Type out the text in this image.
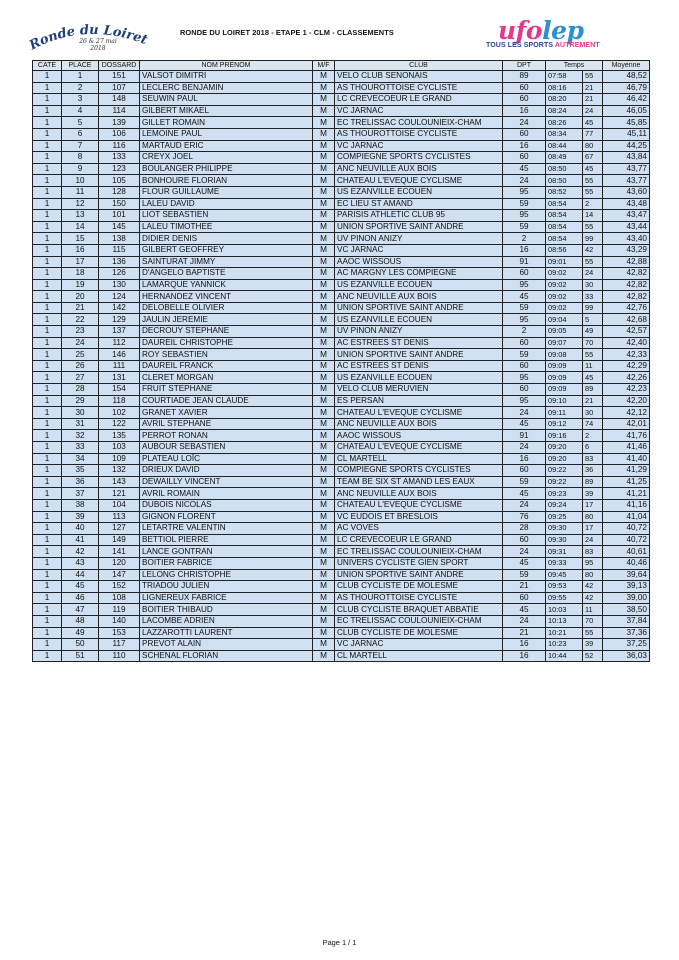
Ronde du Loiret
26 & 27 mai
2018
RONDE DU LOIRET 2018 - ETAPE 1 - CLM - CLASSEMENTS	ufolep
TOUS LES SPORTS AUTREMENT
CATE	PLACE	DOSSARD	NOM PRENOM	M/F	CLUB	DPT	Temps		Moyenne
1	1	151	VALSOT DIMITRI	M	VELO CLUB SENONAIS	89	07:58	55	48,52
1	2	107	LECLERC BENJAMIN	M	AS THOUROTTOISE CYCLISTE	60	08:16	21	46,79
1	3	148	SEUWIN PAUL	M	LC CREVECOEUR LE GRAND	60	08:20	21	46,42
1	4	114	GILBERT MIKAEL	M	VC JARNAC	16	08:24	24	46,05
1	5	139	GILLET ROMAIN	M	EC TRELISSAC COULOUNIEIX-CHAM	24	08:26	45	45,85
1	6	106	LEMOINE PAUL	M	AS THOUROTTOISE CYCLISTE	60	08:34	77	45,11
1	7	116	MARTAUD ERIC	M	VC JARNAC	16	08:44	80	44,25
1	8	133	CREYX JOEL	M	COMPIEGNE SPORTS CYCLISTES	60	08:49	67	43,84
1	9	123	BOULANGER PHILIPPE	M	ANC NEUVILLE AUX BOIS	45	08:50	45	43,77
1	10	105	BONHOURE FLORIAN	M	CHATEAU L'EVEQUE CYCLISME	24	08:50	55	43,77
1	11	128	FLOUR GUILLAUME	M	US EZANVILLE ECOUEN	95	08:52	55	43,60
1	12	150	LALEU DAVID	M	EC LIEU ST AMAND	59	08:54	2	43,48
1	13	101	LIOT SEBASTIEN	M	PARISIS ATHLETIC CLUB 95	95	08:54	14	43,47
1	14	145	LALEU TIMOTHEE	M	UNION SPORTIVE SAINT ANDRE	59	08:54	55	43,44
1	15	138	DIDIER DENIS	M	UV PINON ANIZY	2	08:54	99	43,40
1	16	115	GILBERT GEOFFREY	M	VC JARNAC	16	08:56	42	43,29
1	17	136	SAINTURAT JIMMY	M	AAOC WISSOUS	91	09:01	55	42,88
1	18	126	D'ANGELO BAPTISTE	M	AC MARGNY LES COMPIEGNE	60	09:02	24	42,82
1	19	130	LAMARQUE YANNICK	M	US EZANVILLE ECOUEN	95	09:02	30	42,82
1	20	124	HERNANDEZ VINCENT	M	ANC NEUVILLE AUX BOIS	45	09:02	33	42,82
1	21	142	DELOBELLE OLIVIER	M	UNION SPORTIVE SAINT ANDRE	59	09:02	99	42,76
1	22	129	JAULIN JEREMIE	M	US EZANVILLE ECOUEN	95	09:04	5	42,68
1	23	137	DECROUY STEPHANE	M	UV PINON ANIZY	2	09:05	49	42,57
1	24	112	DAUREIL CHRISTOPHE	M	AC ESTREES ST DENIS	60	09:07	70	42,40
1	25	146	ROY SEBASTIEN	M	UNION SPORTIVE SAINT ANDRE	59	09:08	55	42,33
1	26	111	DAUREIL FRANCK	M	AC ESTREES ST DENIS	60	09:09	11	42,29
1	27	131	CLERET MORGAN	M	US EZANVILLE ECOUEN	95	09:09	45	42,26
1	28	154	FRUIT STEPHANE	M	VELO CLUB MERUVIEN	60	09:09	89	42,23
1	29	118	COURTIADE JEAN CLAUDE	M	ES PERSAN	95	09:10	21	42,20
1	30	102	GRANET XAVIER	M	CHATEAU L'EVEQUE CYCLISME	24	09:11	30	42,12
1	31	122	AVRIL STEPHANE	M	ANC NEUVILLE AUX BOIS	45	09:12	74	42,01
1	32	135	PERROT RONAN	M	AAOC WISSOUS	91	09:16	2	41,76
1	33	103	AUBOUR SEBASTIEN	M	CHATEAU L'EVEQUE CYCLISME	24	09:20	6	41,46
1	34	109	PLATEAU LOÏC	M	CL MARTELL	16	09:20	83	41,40
1	35	132	DRIEUX DAVID	M	COMPIEGNE SPORTS CYCLISTES	60	09:22	36	41,29
1	36	143	DEWAILLY VINCENT	M	TEAM BE SIX ST AMAND LES EAUX	59	09:22	89	41,25
1	37	121	AVRIL ROMAIN	M	ANC NEUVILLE AUX BOIS	45	09:23	39	41,21
1	38	104	DUBOIS NICOLAS	M	CHATEAU L'EVEQUE CYCLISME	24	09:24	17	41,16
1	39	113	GIGNON FLORENT	M	VC EUDOIS ET BRESLOIS	76	09:25	80	41,04
1	40	127	LETARTRE VALENTIN	M	AC VOVES	28	09:30	17	40,72
1	41	149	BETTIOL PIERRE	M	LC CREVECOEUR LE GRAND	60	09:30	24	40,72
1	42	141	LANCE GONTRAN	M	EC TRELISSAC COULOUNIEIX-CHAM	24	09:31	83	40,61
1	43	120	BOITIER FABRICE	M	UNIVERS CYCLISTE GIEN SPORT	45	09:33	95	40,46
1	44	147	LELONG CHRISTOPHE	M	UNION SPORTIVE SAINT ANDRE	59	09:45	80	39,64
1	45	152	TRIADOU JULIEN	M	CLUB CYCLISTE DE MOLESME	21	09:53	42	39,13
1	46	108	LIGNEREUX FABRICE	M	AS THOUROTTOISE CYCLISTE	60	09:55	42	39,00
1	47	119	BOITIER THIBAUD	M	CLUB CYCLISTE BRAQUET ABBATIE	45	10:03	11	38,50
1	48	140	LACOMBE ADRIEN	M	EC TRELISSAC COULOUNIEIX-CHAM	24	10:13	70	37,84
1	49	153	LAZZAROTTI LAURENT	M	CLUB CYCLISTE DE MOLESME	21	10:21	55	37,36
1	50	117	PREVOT ALAIN	M	VC JARNAC	16	10:23	39	37,25
1	51	110	SCHENAL FLORIAN	M	CL MARTELL	16	10:44	52	36,03
Page 1 / 1
